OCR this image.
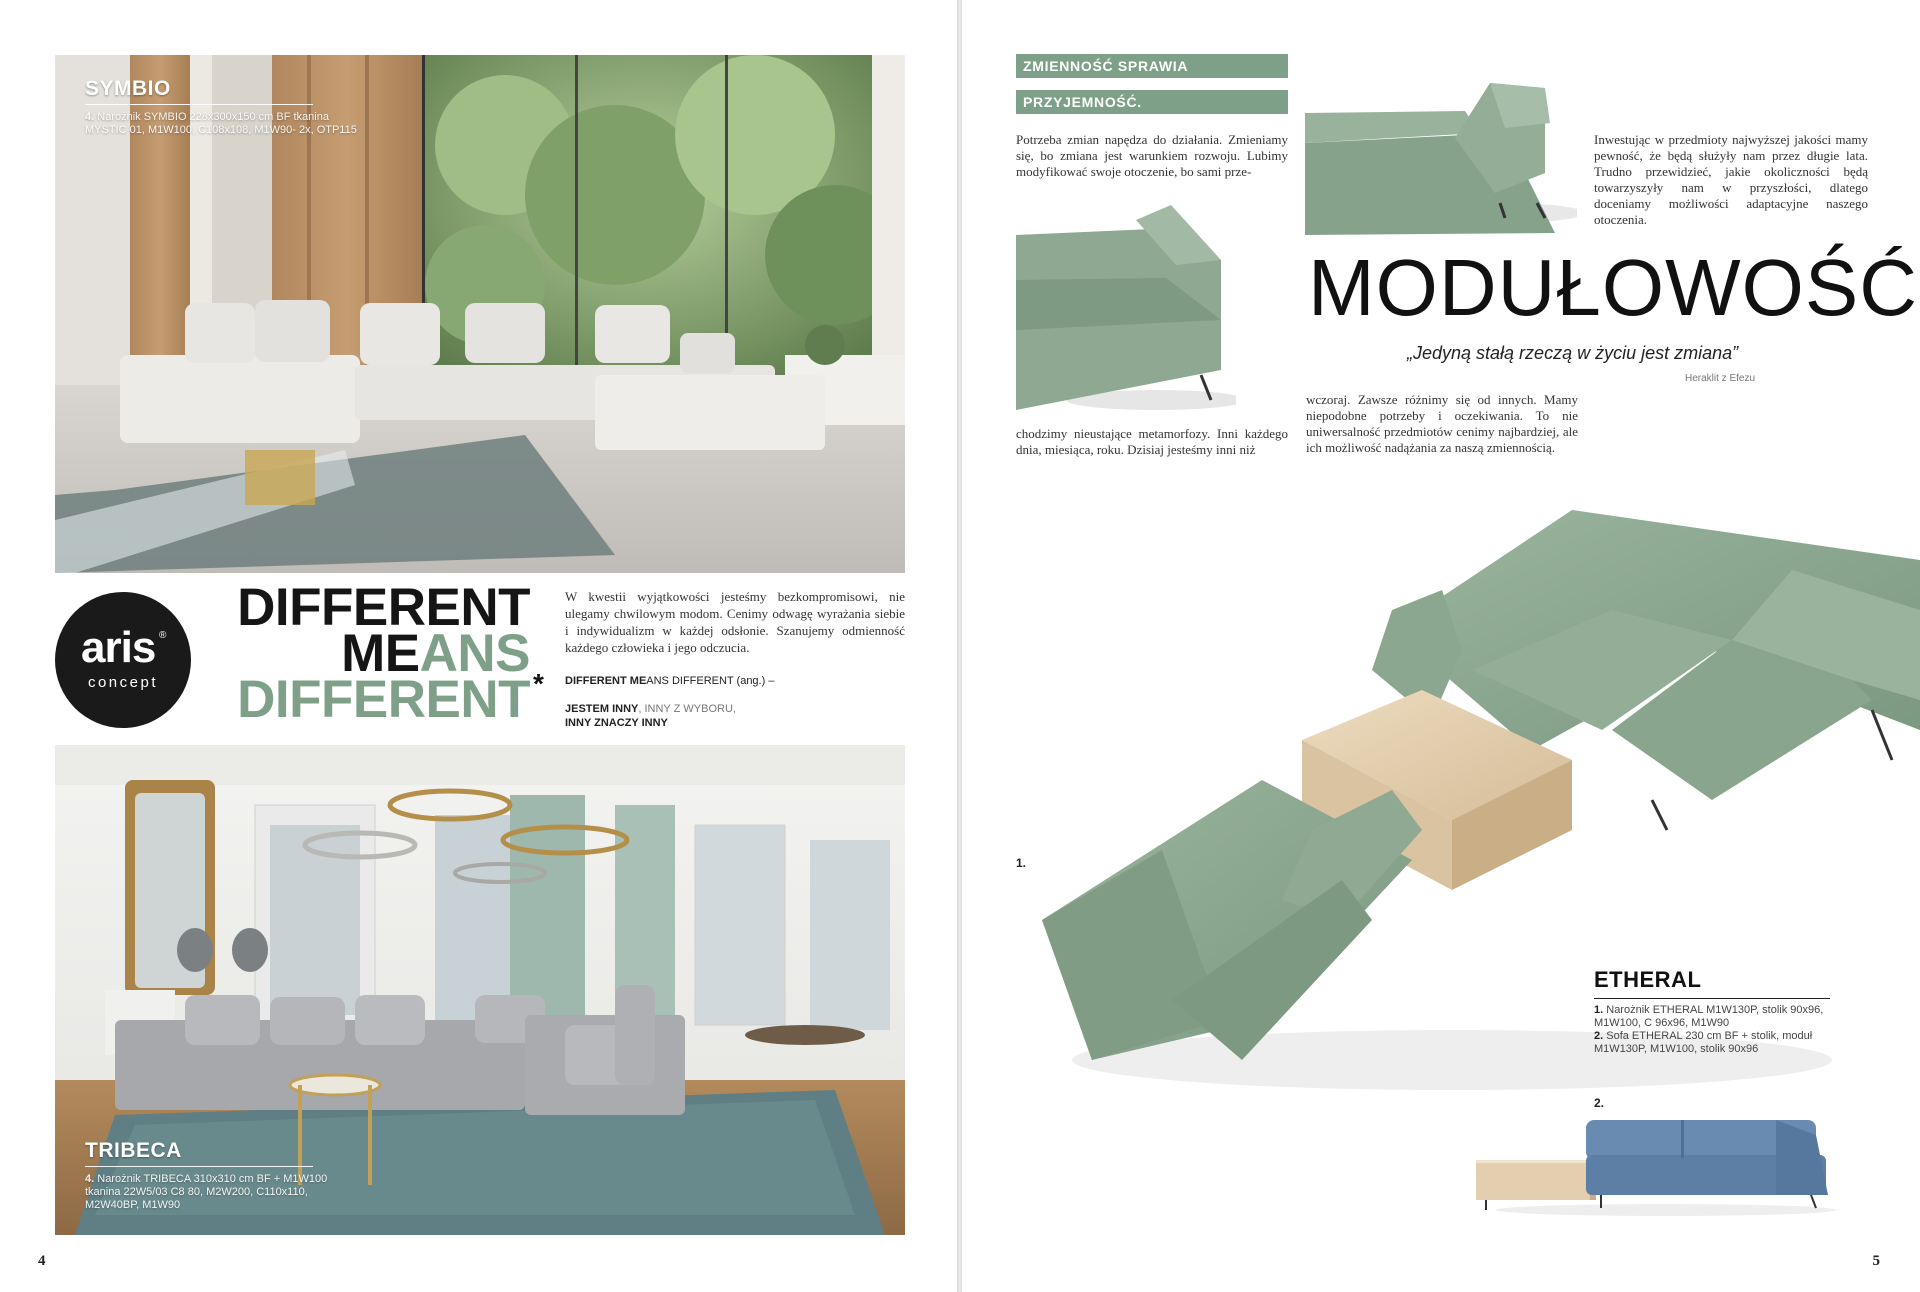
SYMBIO
4. Narożnik SYMBIO 228x300x150 cm BF tkanina MYSTIC 01, M1W100, C108x108, M1W90- 2x, OTP115
aris ®
concept
DIFFERENT
MEANS
DIFFERENT *
W kwestii wyjątkowości jesteśmy bezkompromisowi, nie ulegamy chwilowym modom. Cenimy odwagę wyrażania siebie i indywidualizm w każdej odsłonie. Szanujemy odmienność każdego człowieka i jego odczucia.
DIFFERENT MEANS DIFFERENT (ang.) –
JESTEM INNY, INNY Z WYBORU,
INNY ZNACZY INNY
TRIBECA
4. Narożnik TRIBECA 310x310 cm BF + M1W100 tkanina 22W5/03 C8 80, M2W200, C110x110, M2W40BP, M1W90
4
ZMIENNOŚĆ SPRAWIA
PRZYJEMNOŚĆ.
Potrzeba zmian napędza do działania. Zmieniamy się, bo zmiana jest warunkiem rozwoju. Lubimy modyfikować swoje otoczenie, bo sami prze-
Inwestując w przedmioty najwyższej jakości mamy pewność, że będą służyły nam przez długie lata. Trudno przewidzieć, jakie okoliczności będą towarzyszyły nam w przyszłości, dlatego doceniamy możliwości adaptacyjne naszego otoczenia.
MODUŁOWOŚĆ
„Jedyną stałą rzeczą w życiu jest zmiana”
Heraklit z Efezu
chodzimy nieustające metamorfozy. Inni każdego dnia, miesiąca, roku. Dzisiaj jesteśmy inni niż
wczoraj. Zawsze różnimy się od innych. Mamy niepodobne potrzeby i oczekiwania. To nie uniwersalność przedmiotów cenimy najbardziej, ale ich możliwość nadążania za naszą zmiennością.
1.
ETHERAL
1. Narożnik ETHERAL M1W130P, stolik 90x96, M1W100, C 96x96, M1W90
2. Sofa ETHERAL 230 cm BF + stolik, moduł M1W130P, M1W100, stolik 90x96
2.
5
